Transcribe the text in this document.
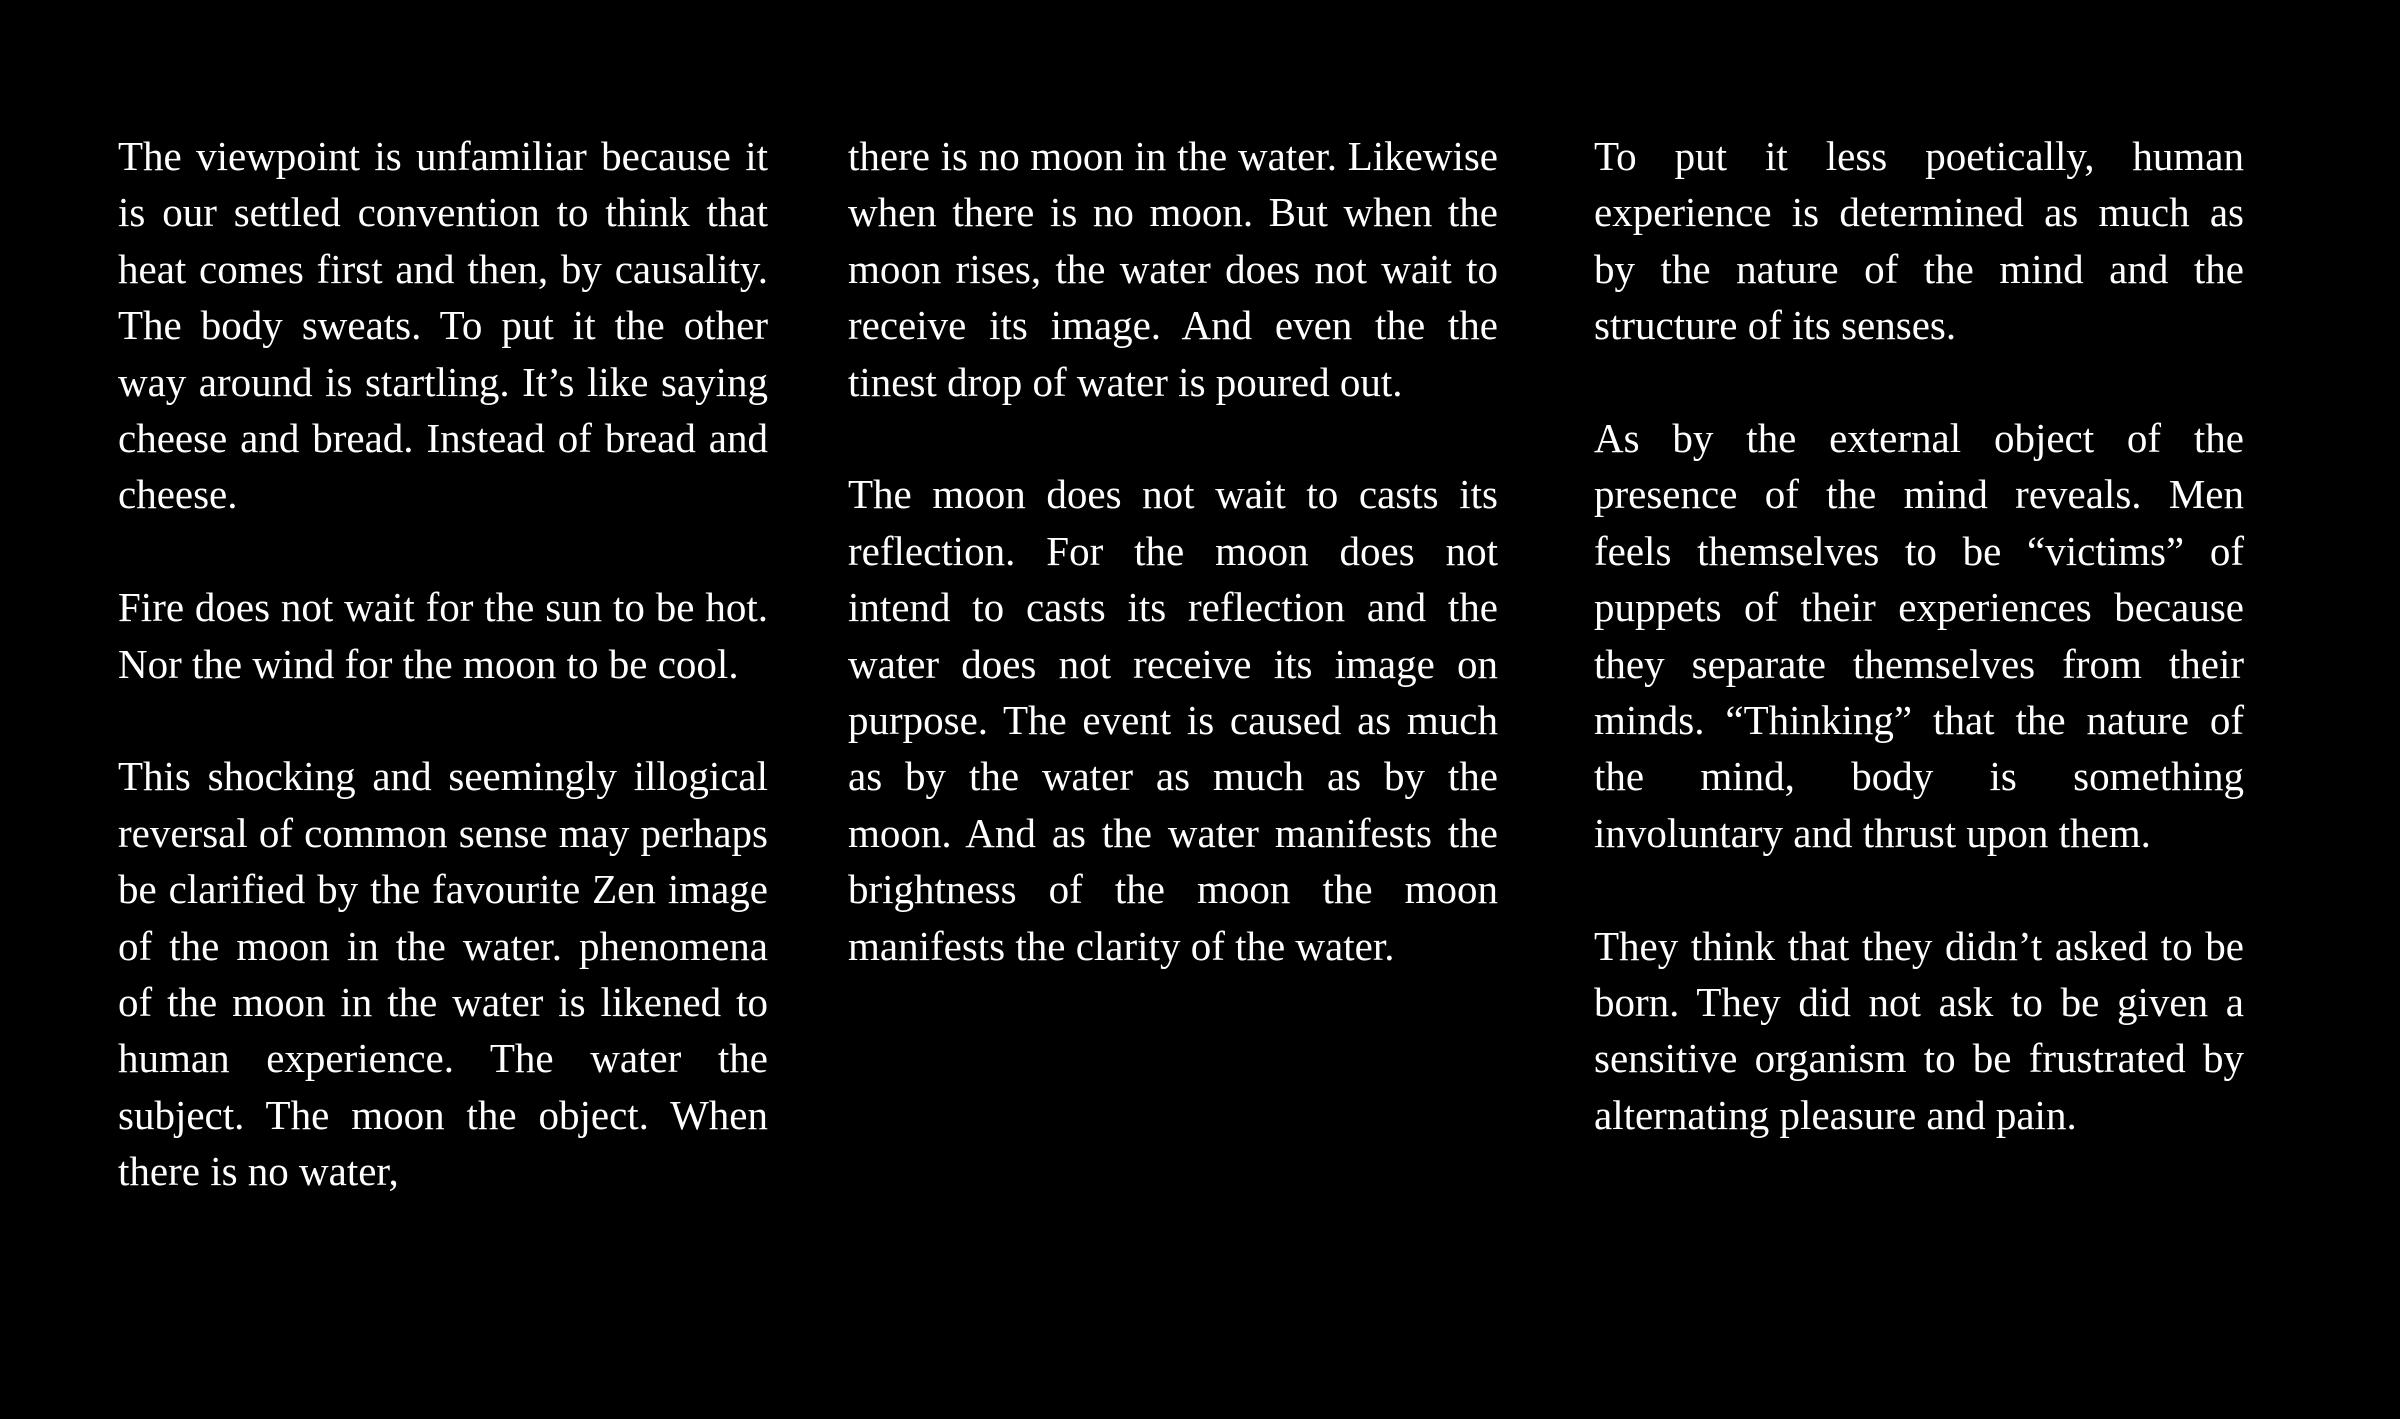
The viewpoint is unfamiliar because it is our settled convention to think that heat comes first and then, by causality. The body sweats. To put it the other way around is startling. It’s like saying cheese and bread. Instead of bread and cheese.

Fire does not wait for the sun to be hot. Nor the wind for the moon to be cool.

This shocking and seemingly illogical reversal of common sense may perhaps be clarified by the favourite Zen image of the moon in the water. phenomena of the moon in the water is likened to human experience. The water the subject. The moon the object. When there is no water,

there is no moon in the water. Likewise when there is no moon. But when the moon rises, the water does not wait to receive its image. And even the the tinest drop of water is poured out.

The moon does not wait to casts its reflection. For the moon does not intend to casts its reflection and the water does not receive its image on purpose. The event is caused as much as by the water as much as by the moon. And as the water manifests the brightness of the moon the moon manifests the clarity of the water.

To put it less poetically, human experience is determined as much as by the nature of the mind and the structure of its senses.

As by the external object of the presence of the mind reveals. Men feels themselves to be “victims” of puppets of their experiences because they separate themselves from their minds. “Thinking” that the nature of the mind, body is something involuntary and thrust upon them.

They think that they didn’t asked to be born. They did not ask to be given a sensitive organism to be frustrated by alternating pleasure and pain.
